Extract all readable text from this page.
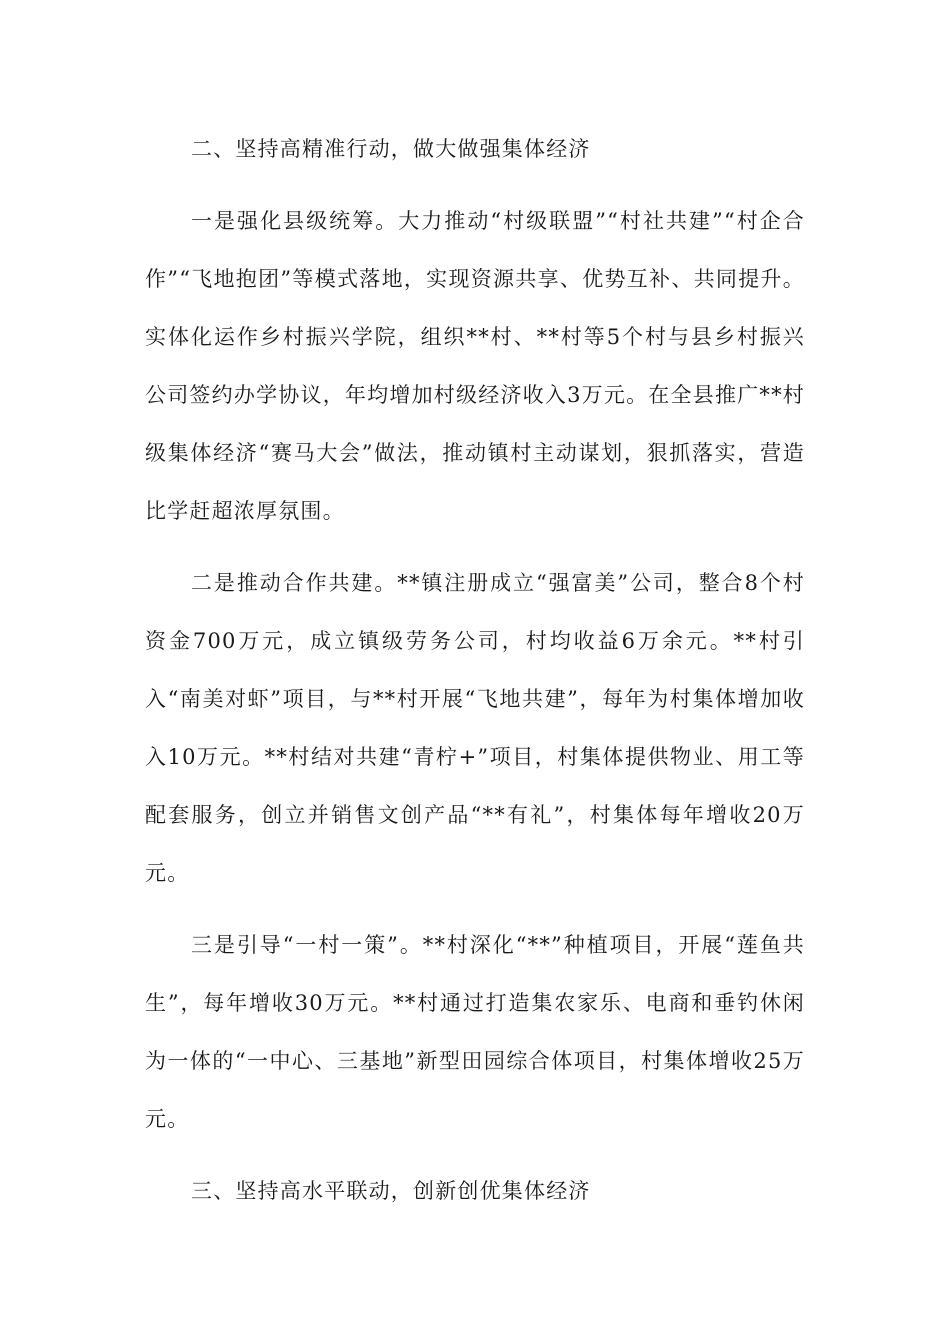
二、坚持高精准行动，做大做强集体经济

一是强化县级统筹。大力推动“村级联盟”“村社共建”“村企合作”“飞地抱团”等模式落地，实现资源共享、优势互补、共同提升。实体化运作乡村振兴学院，组织**村、**村等5个村与县乡村振兴公司签约办学协议，年均增加村级经济收入3万元。在全县推广**村级集体经济“赛马大会”做法，推动镇村主动谋划，狠抓落实，营造比学赶超浓厚氛围。

二是推动合作共建。**镇注册成立“强富美”公司，整合8个村资金700万元，成立镇级劳务公司，村均收益6万余元。**村引入“南美对虾”项目，与**村开展“飞地共建”，每年为村集体增加收入10万元。**村结对共建“青柠+”项目，村集体提供物业、用工等配套服务，创立并销售文创产品“**有礼”，村集体每年增收20万元。

三是引导“一村一策”。**村深化“**”种植项目，开展“莲鱼共生”，每年增收30万元。**村通过打造集农家乐、电商和垂钓休闲为一体的“一中心、三基地”新型田园综合体项目，村集体增收25万元。

三、坚持高水平联动，创新创优集体经济
